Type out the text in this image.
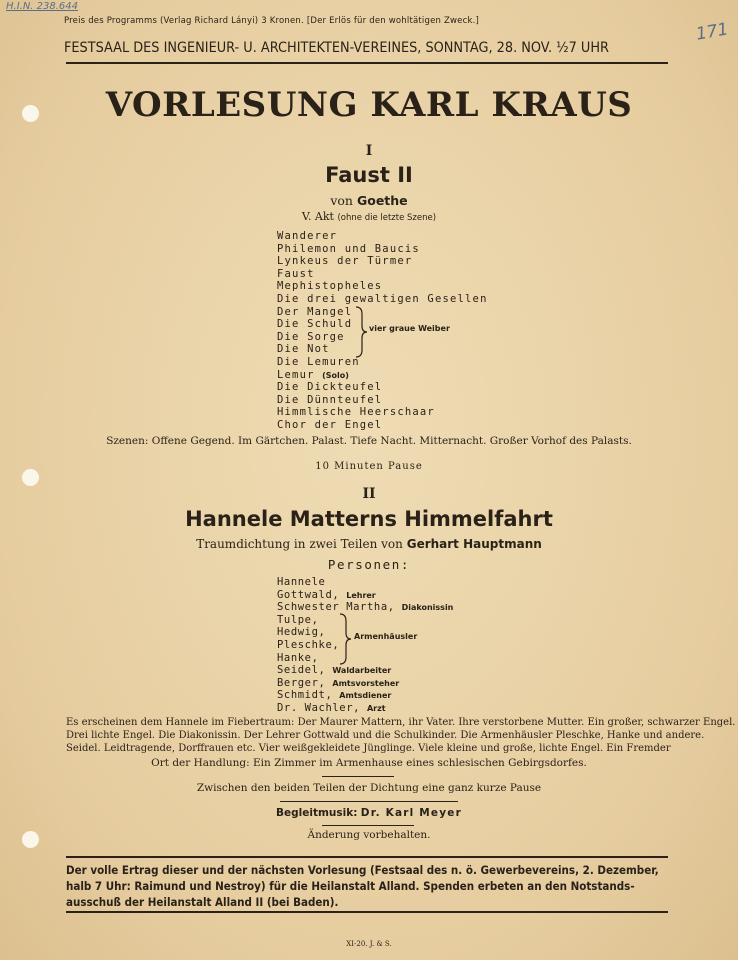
H.I.N. 238.644
171
Preis des Programms (Verlag Richard Lányi) 3 Kronen. [Der Erlös für den wohltätigen Zweck.]
FESTSAAL DES INGENIEUR- U. ARCHITEKTEN-VEREINES, SONNTAG, 28. NOV. ½7 UHR
VORLESUNG KARL KRAUS
I
Faust II
von Goethe
V. Akt (ohne die letzte Szene)
Wanderer
Philemon und Baucis
Lynkeus der Türmer
Faust
Mephistopheles
Die drei gewaltigen Gesellen
Der Mangel
Die Schuld
Die Sorge
Die Not
Die Lemuren
Lemur (Solo)
Die Dickteufel
Die Dünnteufel
Himmlische Heerschaar
Chor der Engel
vier graue Weiber
Szenen: Offene Gegend. Im Gärtchen. Palast. Tiefe Nacht. Mitternacht. Großer Vorhof des Palasts.
10 Minuten Pause
II
Hannele Matterns Himmelfahrt
Traumdichtung in zwei Teilen von Gerhart Hauptmann
Personen:
Hannele
Gottwald, Lehrer
Schwester Martha, Diakonissin
Tulpe,
Hedwig,
Pleschke,
Hanke,
Seidel, Waldarbeiter
Berger, Amtsvorsteher
Schmidt, Amtsdiener
Dr. Wachler, Arzt
Armenhäusler
Es erscheinen dem Hannele im Fiebertraum: Der Maurer Mattern, ihr Vater. Ihre verstorbene Mutter. Ein großer, schwarzer Engel.
Drei lichte Engel. Die Diakonissin. Der Lehrer Gottwald und die Schulkinder. Die Armenhäusler Pleschke, Hanke und andere.
Seidel. Leidtragende, Dorffrauen etc. Vier weißgekleidete Jünglinge. Viele kleine und große, lichte Engel. Ein Fremder
Ort der Handlung: Ein Zimmer im Armenhause eines schlesischen Gebirgsdorfes.
Zwischen den beiden Teilen der Dichtung eine ganz kurze Pause
Begleitmusik: Dr. Karl Meyer
Änderung vorbehalten.
Der volle Ertrag dieser und der nächsten Vorlesung (Festsaal des n. ö. Gewerbevereins, 2. Dezember,
halb 7 Uhr: Raimund und Nestroy) für die Heilanstalt Alland. Spenden erbeten an den Notstands-
ausschuß der Heilanstalt Alland II (bei Baden).
XI-20. J. & S.
